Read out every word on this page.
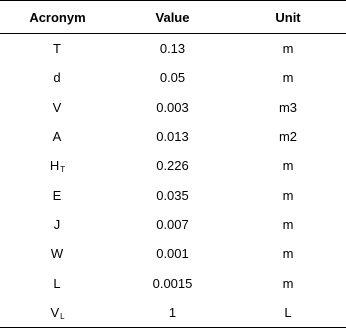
Acronym	Value	Unit
T	0.13	m
d	0.05	m
V	0.003	m3
A	0.013	m2
$H_T$	0.226	m
E	0.035	m
J	0.007	m
W	0.001	m
L	0.0015	m
$V_L$	1	L
